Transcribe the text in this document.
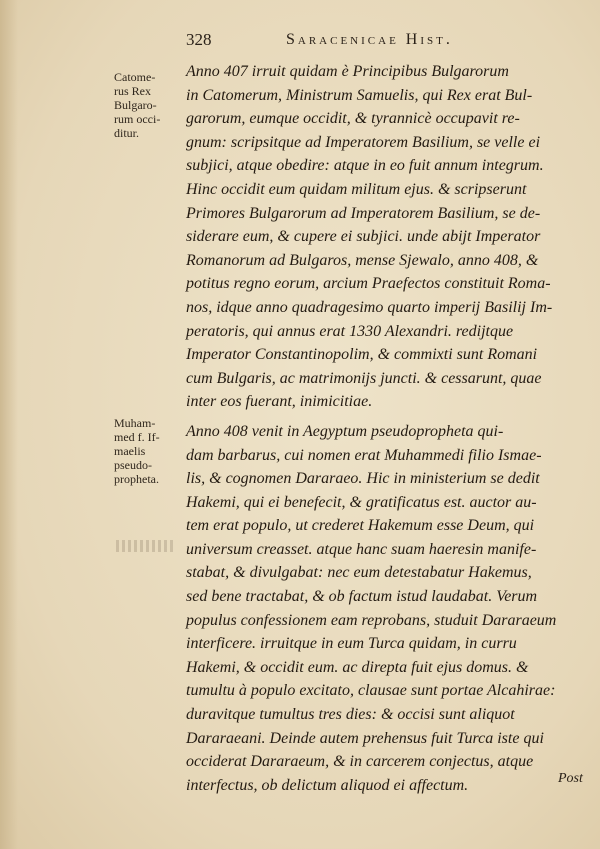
328	Saracenicae Hist.
Catome-
rus Rex
Bulgaro-
rum occi-
ditur.
Muham-
med f. If-
maelis
pseudo-
propheta.
Anno 407 irruit quidam è Principibus Bulgarorum
in Catomerum, Ministrum Samuelis, qui Rex erat Bul-
garorum, eumque occidit, & tyrannicè occupavit re-
gnum: scripsitque ad Imperatorem Basilium, se velle ei
subjici, atque obedire: atque in eo fuit annum integrum.
Hinc occidit eum quidam militum ejus. & scripserunt
Primores Bulgarorum ad Imperatorem Basilium, se de-
siderare eum, & cupere ei subjici. unde abijt Imperator
Romanorum ad Bulgaros, mense Sjewalo, anno 408, &
potitus regno eorum, arcium Praefectos constituit Roma-
nos, idque anno quadragesimo quarto imperij Basilij Im-
peratoris, qui annus erat 1330 Alexandri. redijtque
Imperator Constantinopolim, & commixti sunt Romani
cum Bulgaris, ac matrimonijs juncti. & cessarunt, quae
inter eos fuerant, inimicitiae.
Anno 408 venit in Aegyptum pseudopropheta qui-
dam barbarus, cui nomen erat Muhammedi filio Ismae-
lis, & cognomen Dararaeo. Hic in ministerium se dedit
Hakemi, qui ei benefecit, & gratificatus est. auctor au-
tem erat populo, ut crederet Hakemum esse Deum, qui
universum creasset. atque hanc suam haeresin manife-
stabat, & divulgabat: nec eum detestabatur Hakemus,
sed bene tractabat, & ob factum istud laudabat. Verum
populus confessionem eam reprobans, studuit Dararaeum
interficere. irruitque in eum Turca quidam, in curru
Hakemi, & occidit eum. ac direpta fuit ejus domus. &
tumultu à populo excitato, clausae sunt portae Alcahirae:
duravitque tumultus tres dies: & occisi sunt aliquot
Dararaeani. Deinde autem prehensus fuit Turca iste qui
occiderat Dararaeum, & in carcerem conjectus, atque
interfectus, ob delictum aliquod ei affectum.	Post
